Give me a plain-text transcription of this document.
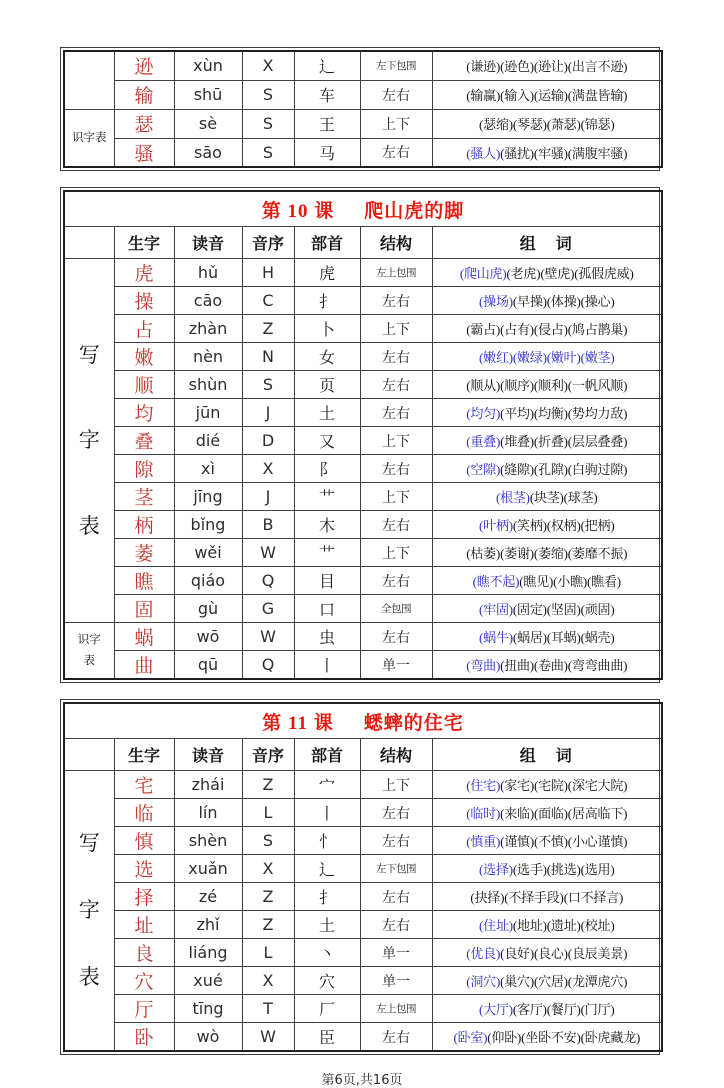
	逊	xùn	X	辶	左下包围	(谦逊)(逊色)(逊让)(出言不逊)
	输	shū	S	车	左右	(输赢)(输入)(运输)(满盘皆输)

识字表	瑟	sè	S	王	上下	(瑟缩)(琴瑟)(萧瑟)(锦瑟)
	骚	sāo	S	马	左右	(骚人)(骚扰)(牢骚)(满腹牢骚)
第 10 课 爬山虎的脚						
	生字	读音	音序	部首	结构	组　词

写
字
表	虎	hǔ	H	虎	左上包围	(爬山虎)(老虎)(壁虎)(孤假虎威)
	操	cāo	C	扌	左右	(操场)(早操)(体操)(操心)
	占	zhàn	Z	卜	上下	(霸占)(占有)(侵占)(鸠占鹊巢)
	嫩	nèn	N	女	左右	(嫩红)(嫩绿)(嫩叶)(嫩茎)
	顺	shùn	S	页	左右	(顺从)(顺序)(顺利)(一帆风顺)
	均	jūn	J	土	左右	(均匀)(平均)(均衡)(势均力敌)
	叠	dié	D	又	上下	(重叠)(堆叠)(折叠)(层层叠叠)
	隙	xì	X	阝	左右	(空隙)(缝隙)(孔隙)(白驹过隙)
	茎	jīng	J	艹	上下	(根茎)(块茎)(球茎)
	柄	bǐng	B	木	左右	(叶柄)(笑柄)(权柄)(把柄)
	萎	wěi	W	艹	上下	(枯萎)(萎谢)(萎缩)(萎靡不振)
	瞧	qiáo	Q	目	左右	(瞧不起)(瞧见)(小瞧)(瞧看)
	固	gù	G	口	全包围	(牢固)(固定)(坚固)(顽固)

识字
表	蜗	wō	W	虫	左右	(蜗牛)(蜗居)(耳蜗)(蜗壳)
	曲	qū	Q	丨	单一	(弯曲)(扭曲)(卷曲)(弯弯曲曲)
第 11 课 蟋蟀的住宅						
	生字	读音	音序	部首	结构	组　词

写
字
表	宅	zhái	Z	宀	上下	(住宅)(家宅)(宅院)(深宅大院)
	临	lín	L	丨	左右	(临时)(来临)(面临)(居高临下)
	慎	shèn	S	忄	左右	(慎重)(谨慎)(不慎)(小心谨慎)
	选	xuǎn	X	辶	左下包围	(选择)(选手)(挑选)(选用)
	择	zé	Z	扌	左右	(抉择)(不择手段)(口不择言)
	址	zhǐ	Z	土	左右	(住址)(地址)(遗址)(校址)
	良	liáng	L	丶	单一	(优良)(良好)(良心)(良辰美景)
	穴	xué	X	穴	单一	(洞穴)(巢穴)(穴居)(龙潭虎穴)
	厅	tīng	T	厂	左上包围	(大厅)(客厅)(餐厅)(门厅)
	卧	wò	W	臣	左右	(卧室)(仰卧)(坐卧不安)(卧虎藏龙)
第6页,共16页
